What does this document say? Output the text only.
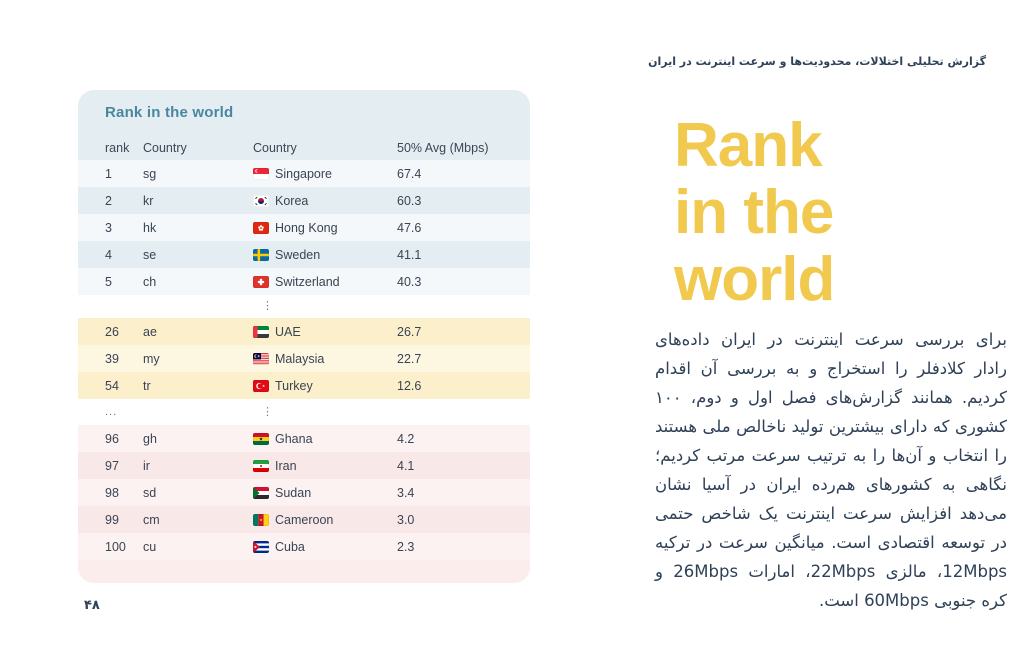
Rank in the world
rank	Country	Country	50% Avg (Mbps)
1	sg	Singapore	67.4
2	kr	Korea	60.3
3	hk	Hong Kong	47.6
4	se	Sweden	41.1
5	ch	Switzerland	40.3
⋮
26	ae	UAE	26.7
39	my	Malaysia	22.7
54	tr	Turkey	12.6
...	⋮
96	gh	Ghana	4.2
97	ir	Iran	4.1
98	sd	Sudan	3.4
99	cm	Cameroon	3.0
100	cu	Cuba	2.3
۴۸
گزارش تحلیلی اختلالات، محدودیت‌ها و سرعت اینترنت در ایران
Rank
in the
world
برای بررسی سرعت اینترنت در ایران داده‌های رادار کلادفلر را استخراج و به بررسی آن اقدام کردیم. همانند گزارش‌های فصل اول و دوم، ۱۰۰ کشوری که دارای بیشترین تولید ناخالص ملی هستند را انتخاب و آن‌ها را به ترتیب سرعت مرتب کردیم؛ نگاهی به کشورهای هم‌رده ایران در آسیا نشان می‌دهد افزایش سرعت اینترنت یک شاخص حتمی در توسعه اقتصادی است. میانگین سرعت در ترکیه 12Mbps، مالزی 22Mbps، امارات 26Mbps و کره جنوبی 60Mbps است.
